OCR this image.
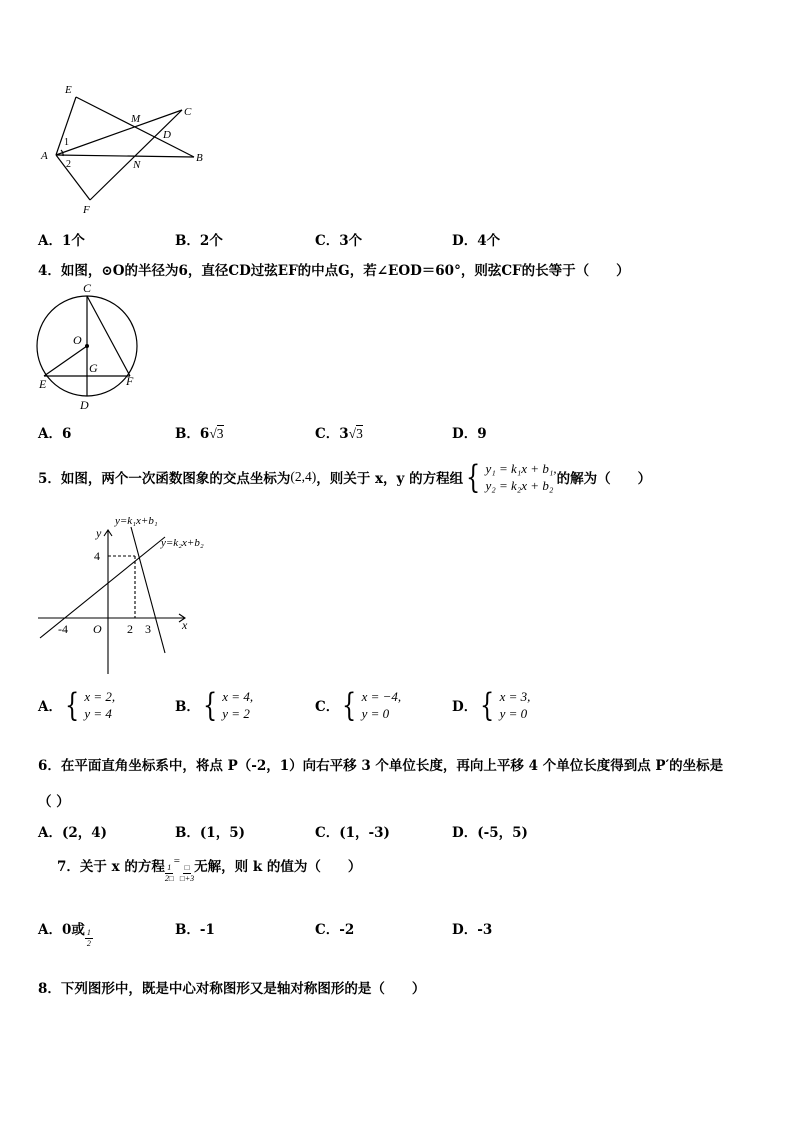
E
M
C
D
1
A
2	N
B
F
A．1个	B．2个	C．3个	D．4个
4．如图，⊙O的半径为6，直径CD过弦EF的中点G，若∠EOD＝60°，则弦CF的长等于（　　）
C
O
G
E	F
D
A．6	B．6√3	C．3√3	D．9
5．如图，两个一次函数图象的交点坐标为 (2,4) ，则关于 x，y 的方程组 { y₁ = k₁x + b₁,
y₂ = k₂x + b₂ 的解为（　　）
y=k₁x+b₁
y=k₂x+b₂
y
x
O
4
-4	2 3
A． { x = 2,
y = 4	B． { x = 4,
y = 2	C． { x = −4,
y = 0	D． { x = 3,
y = 0
6．在平面直角坐标系中，将点 P（-2，1）向右平移 3 个单位长度，再向上平移 4 个单位长度得到点 P′的坐标是
（ ）
A．(2，4)	B．(1，5)	C．(1，-3)	D．(-5，5)
7．关于 x 的方程 $\frac{1}{2□}$
=
$\frac{□}{□+3}$ 无解，则 k 的值为（　　）
A． 0或 $\frac{1}{2}$	B．-1	C．-2	D．-3
8．下列图形中，既是中心对称图形又是轴对称图形的是（　　）
